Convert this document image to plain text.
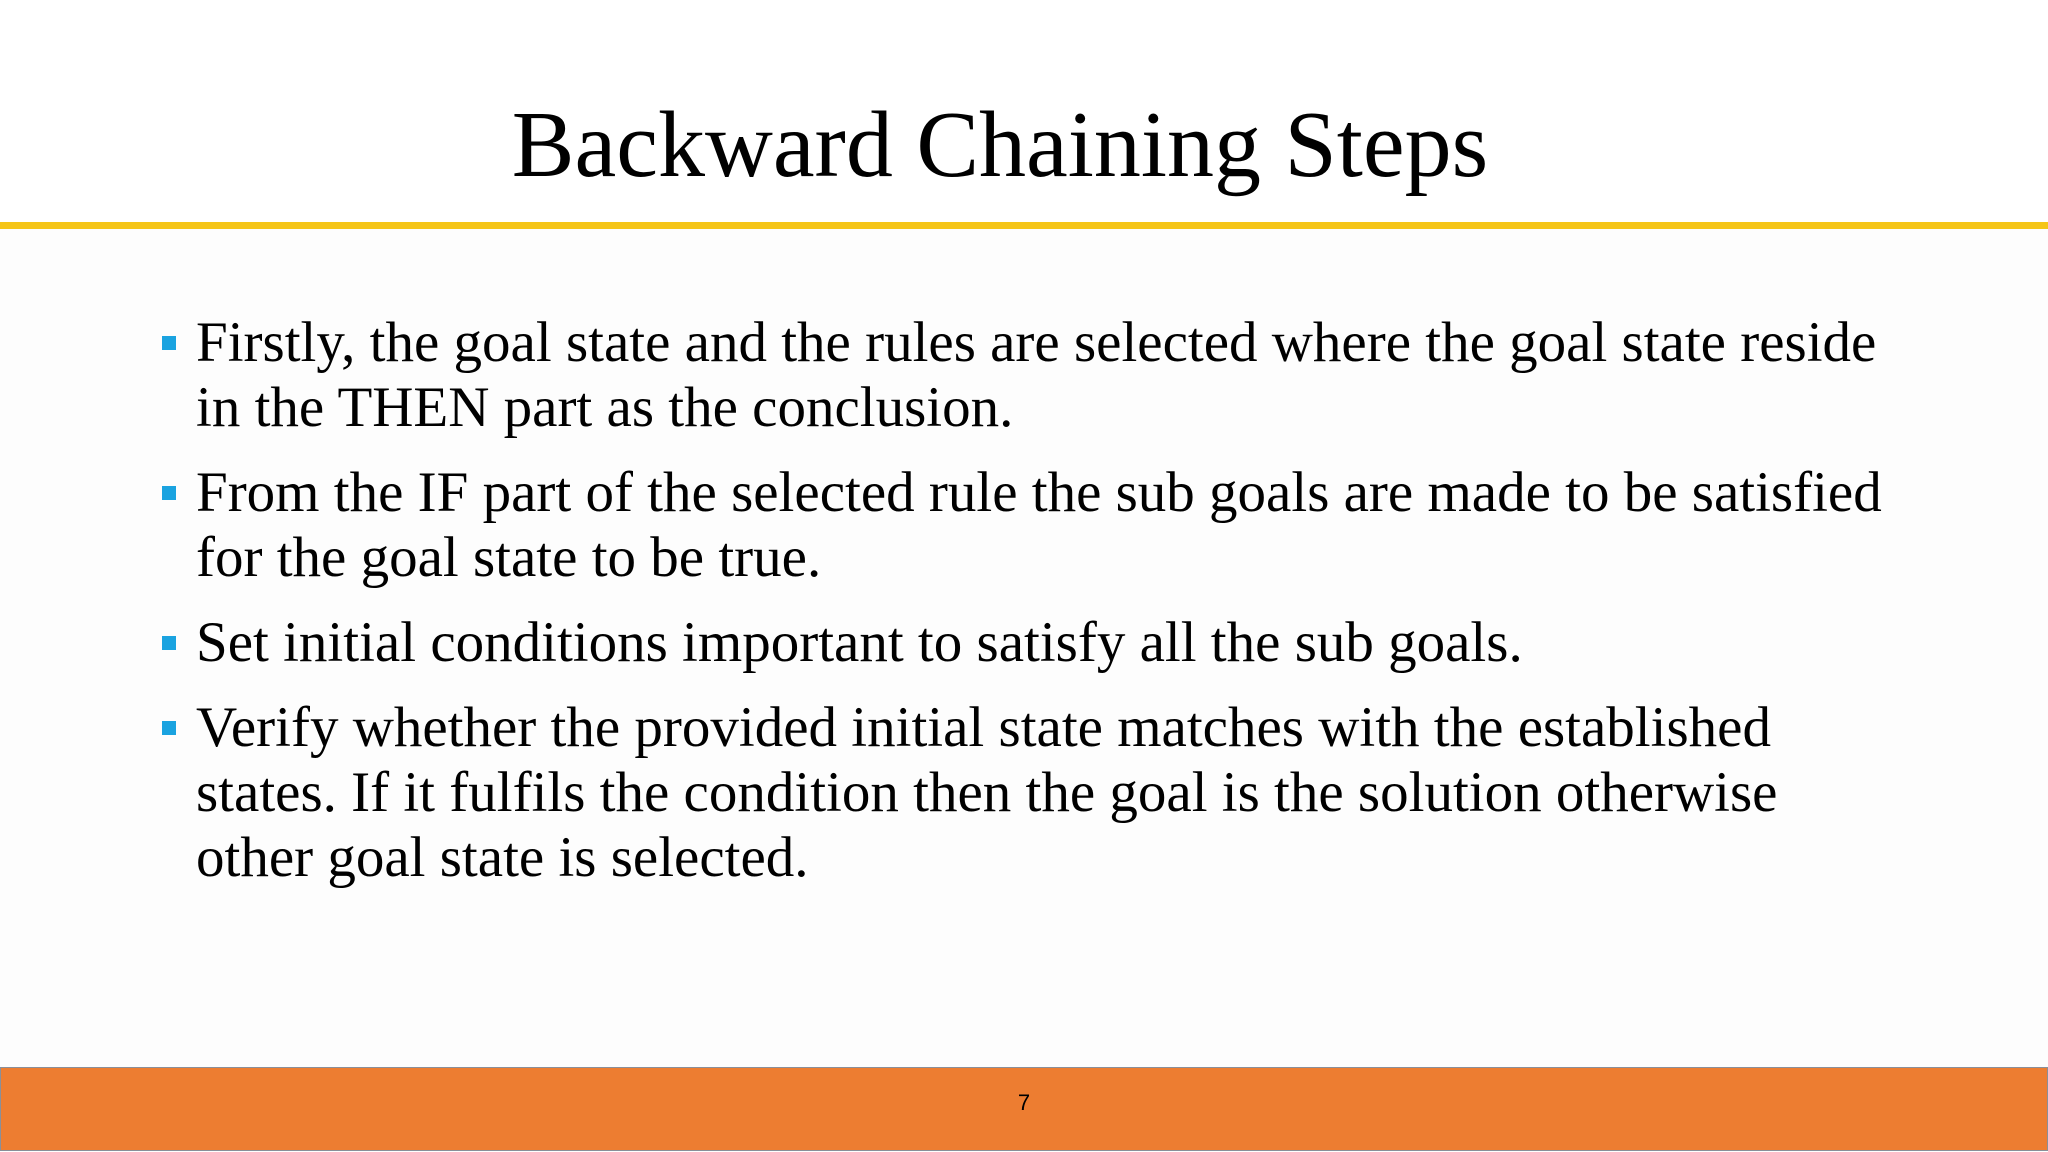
Backward Chaining Steps
Firstly, the goal state and the rules are selected where the goal state reside in the THEN part as the conclusion.
From the IF part of the selected rule the sub goals are made to be satisfied for the goal state to be true.
Set initial conditions important to satisfy all the sub goals.
Verify whether the provided initial state matches with the established states. If it fulfils the condition then the goal is the solution otherwise other goal state is selected.
7
